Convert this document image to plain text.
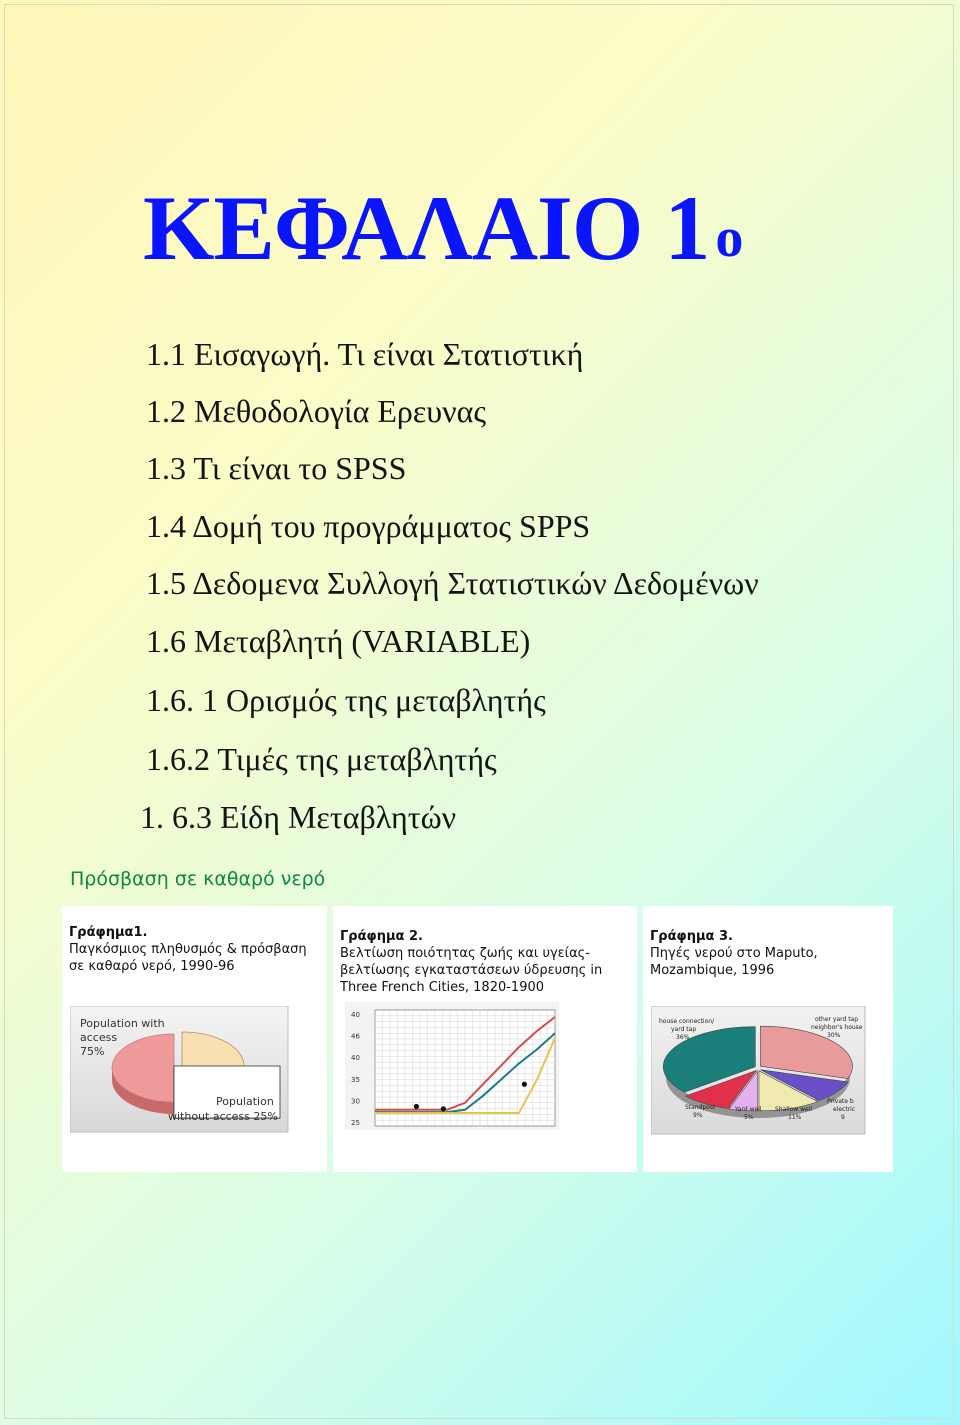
ΚΕΦΑΛΑΙΟ 1 $^o$
1.1 Εισαγωγή. Τι είναι Στατιστική
1.2 Μεθοδολογία Ερευνας
1.3 Τι είναι το SPSS
1.4 Δομή του προγράμματος SPPS
1.5 Δεδομενα Συλλογή Στατιστικών Δεδομένων
1.6 Μεταβλητή (VARIABLE)
1.6. 1 Ορισμός της μεταβλητής
1.6.2 Τιμές της μεταβλητής
1. 6.3 Είδη Μεταβλητών
Πρόσβαση σε καθαρό νερό
Γράφημα1.
Παγκόσμιος πληθυσμός & πρόσβαση σε καθαρό νερό, 1990-96
Population with
access
75%
Population
without access 25%
Γράφημα 2.
Βελτίωση ποιότητας ζωής και υγείας-βελτίωσης εγκαταστάσεων ύδρευσης in Three French Cities, 1820-1900
40
46
40
35
30
25
Γράφημα 3.
Πηγές νερού στο Maputo, Mozambique, 1996
house connection/
yard tap
36%
other yard tap
neighbor's house
30%
Standpost
9%
Yard well
5%
Shallow well
11%
Private b
electric
9
